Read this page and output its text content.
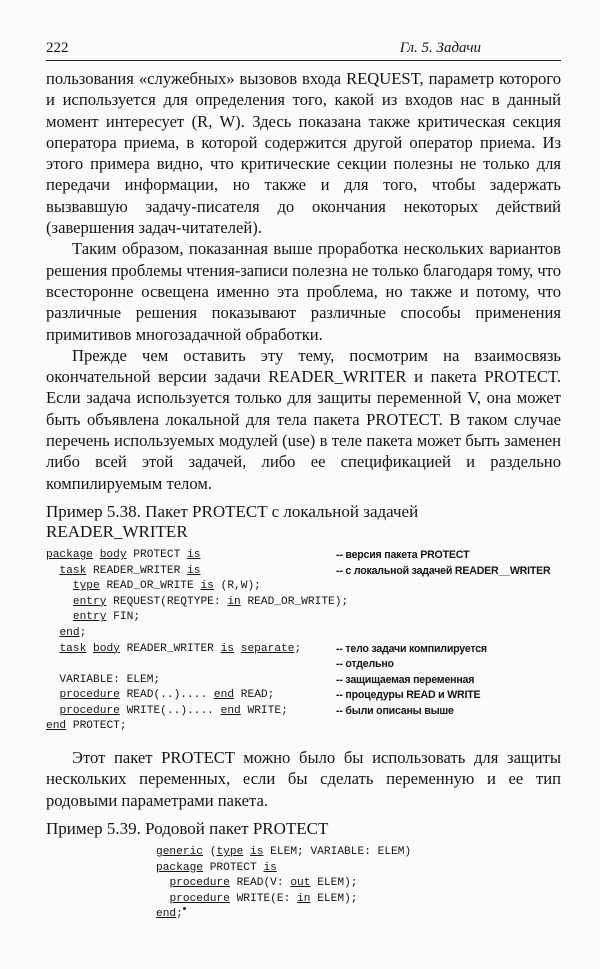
222	Гл. 5. Задачи

пользования «служебных» вызовов входа REQUEST, параметр которого и используется для определения того, какой из входов нас в данный момент интересует (R, W). Здесь показана также критическая секция оператора приема, в которой содержится другой оператор приема. Из этого примера видно, что критические секции полезны не только для передачи информации, но также и для того, чтобы задержать вызвавшую задачу-писателя до окончания некоторых действий (завершения задач-читателей).

Таким образом, показанная выше проработка нескольких вариантов решения проблемы чтения-записи полезна не только благодаря тому, что всесторонне освещена именно эта проблема, но также и потому, что различные решения показывают различные способы применения примитивов многозадачной обработки.

Прежде чем оставить эту тему, посмотрим на взаимосвязь окончательной версии задачи READER_WRITER и пакета PROTECT. Если задача используется только для защиты переменной V, она может быть объявлена локальной для тела пакета PROTECT. В таком случае перечень используемых модулей (use) в теле пакета может быть заменен либо всей этой задачей, либо ее спецификацией и раздельно компилируемым телом.

Пример 5.38. Пакет PROTECT с локальной задачей READER_WRITER
package body PROTECT is	-- версия пакета PROTECT
task READER_WRITER is	-- с локальной задачей READER__WRITER
type READ_OR_WRITE is (R,W);
entry REQUEST(REQTYPE: in READ_OR_WRITE);
entry FIN;
end;
task body READER_WRITER is separate;	-- тело задачи компилируется
-- отдельно
VARIABLE: ELEM;	-- защищаемая переменная
procedure READ(..).... end READ;	-- процедуры READ и WRITE
procedure WRITE(..).... end WRITE;	-- были описаны выше
end PROTECT;

Этот пакет PROTECT можно было бы использовать для защиты нескольких переменных, если бы сделать переменную и ее тип родовыми параметрами пакета.

Пример 5.39. Родовой пакет PROTECT
generic (type is ELEM; VARIABLE: ELEM)
package PROTECT is
procedure READ(V: out ELEM);
procedure WRITE(E: in ELEM);
end;
